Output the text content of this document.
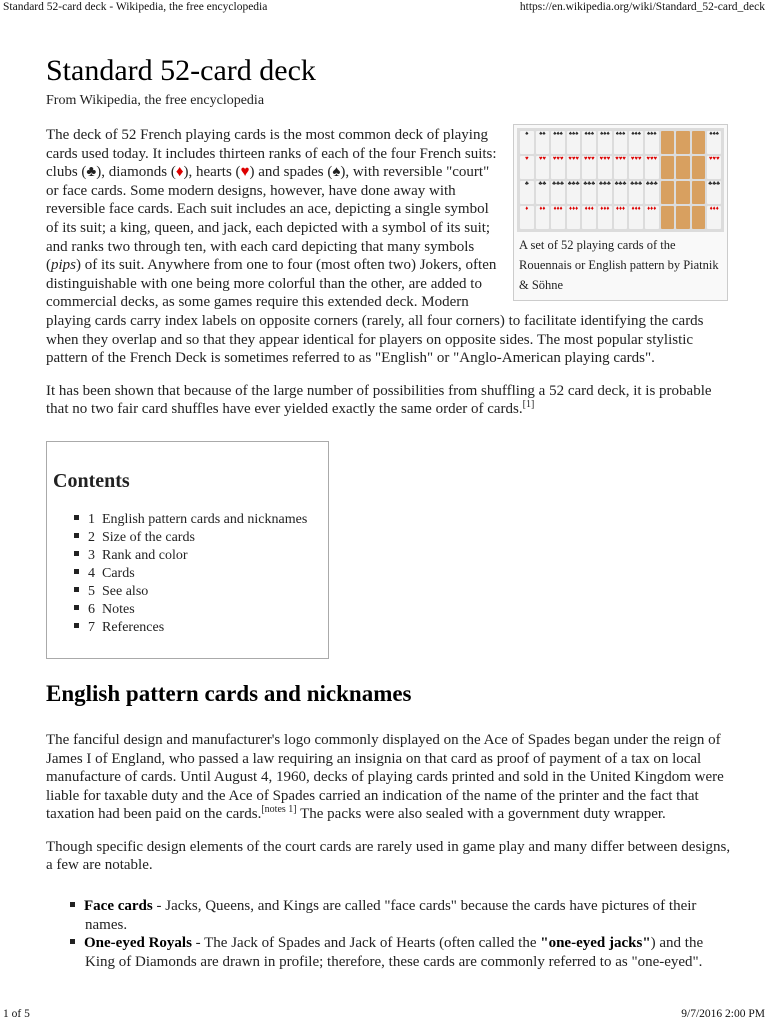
Standard 52-card deck - Wikipedia, the free encyclopedia	https://en.wikipedia.org/wiki/Standard_52-card_deck
Standard 52-card deck
From Wikipedia, the free encyclopedia
♠	♠♠	♠♠♠	♠♠♠	♠♠♠	♠♠♠	♠♠♠	♠♠♠	♠♠♠	♠♠♠
♥	♥♥	♥♥♥ ♥♥♥ ♥♥♥ ♥♥♥ ♥♥♥ ♥♥♥ ♥♥♥	♥♥♥
♣	♣♣ ♣♣♣ ♣♣♣ ♣♣♣ ♣♣♣ ♣♣♣ ♣♣♣ ♣♣♣	♣♣♣
♦	♦♦	♦♦♦	♦♦♦	♦♦♦	♦♦♦	♦♦♦	♦♦♦	♦♦♦	♦♦♦
A set of 52 playing cards of the Rouennais or English pattern by Piatnik & Söhne

The deck of 52 French playing cards is the most common deck of playing cards used today. It includes thirteen ranks of each of the four French suits: clubs (♣), diamonds (♦), hearts (♥) and spades (♠), with reversible "court" or face cards. Some modern designs, however, have done away with reversible face cards. Each suit includes an ace, depicting a single symbol of its suit; a king, queen, and jack, each depicted with a symbol of its suit; and ranks two through ten, with each card depicting that many symbols (pips) of its suit. Anywhere from one to four (most often two) Jokers, often distinguishable with one being more colorful than the other, are added to commercial decks, as some games require this extended deck. Modern playing cards carry index labels on opposite corners (rarely, all four corners) to facilitate identifying the cards when they overlap and so that they appear identical for players on opposite sides. The most popular stylistic pattern of the French Deck is sometimes referred to as "English" or "Anglo-American playing cards".

It has been shown that because of the large number of possibilities from shuffling a 52 card deck, it is probable that no two fair card shuffles have ever yielded exactly the same order of cards.[1]

Contents
1 English pattern cards and nicknames
2 Size of the cards
3 Rank and color
4 Cards
5 See also
6 Notes
7 References
English pattern cards and nicknames

The fanciful design and manufacturer's logo commonly displayed on the Ace of Spades began under the reign of James I of England, who passed a law requiring an insignia on that card as proof of payment of a tax on local manufacture of cards. Until August 4, 1960, decks of playing cards printed and sold in the United Kingdom were liable for taxable duty and the Ace of Spades carried an indication of the name of the printer and the fact that taxation had been paid on the cards.[notes 1] The packs were also sealed with a government duty wrapper.

Though specific design elements of the court cards are rarely used in game play and many differ between designs, a few are notable.

Face cards - Jacks, Queens, and Kings are called "face cards" because the cards have pictures of their names.
One-eyed Royals - The Jack of Spades and Jack of Hearts (often called the "one-eyed jacks") and the King of Diamonds are drawn in profile; therefore, these cards are commonly referred to as "one-eyed".
1 of 5	9/7/2016 2:00 PM
